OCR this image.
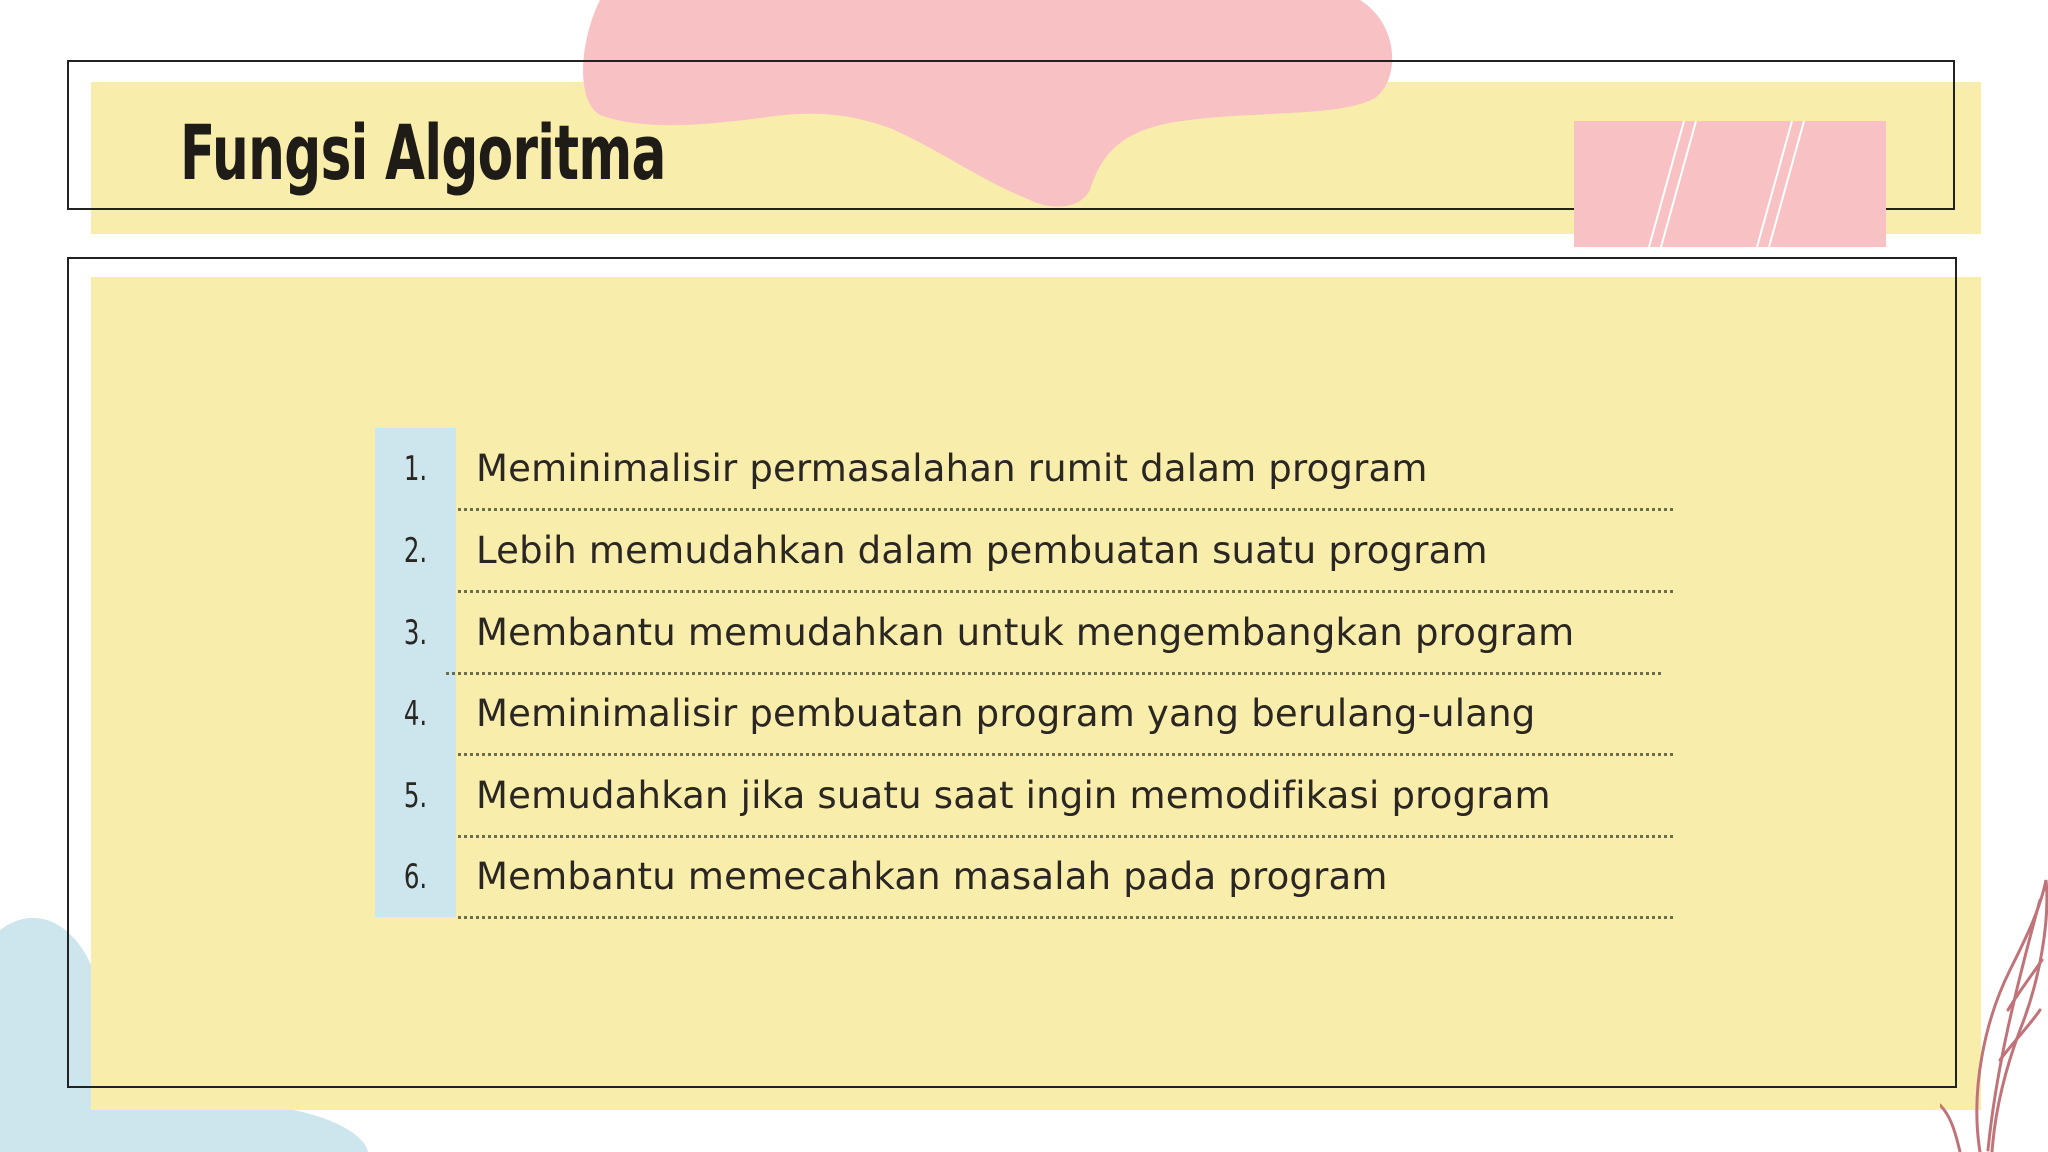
Fungsi Algoritma
1.	Meminimalisir permasalahan rumit dalam program
2.	Lebih memudahkan dalam pembuatan suatu program
3.	Membantu memudahkan untuk mengembangkan program
4.	Meminimalisir pembuatan program yang berulang-ulang
5.	Memudahkan jika suatu saat ingin memodifikasi program
6.	Membantu memecahkan masalah pada program
